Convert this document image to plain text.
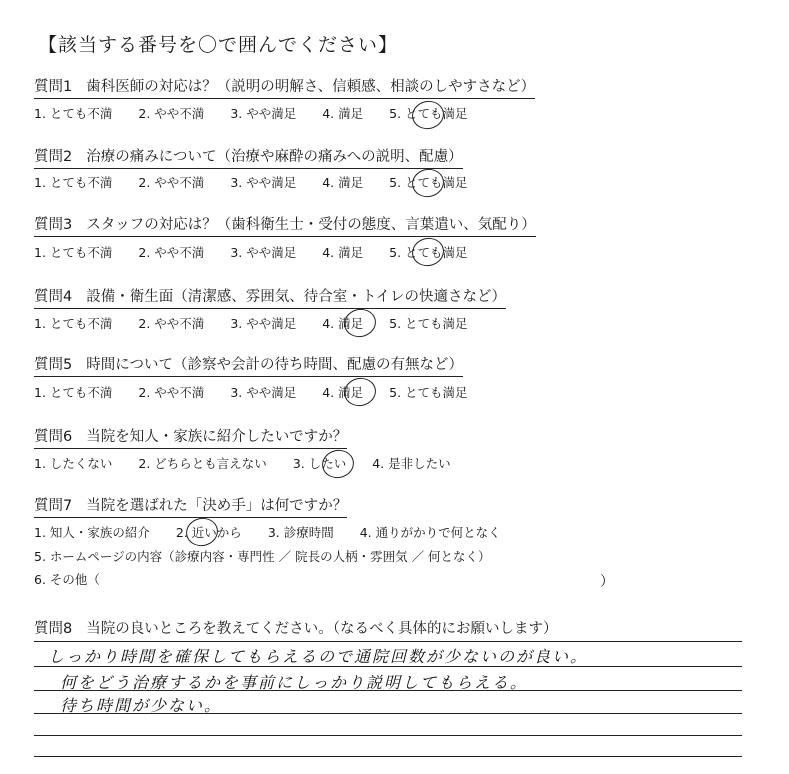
【該当する番号を〇で囲んでください】
質問1 歯科医師の対応は？（説明の明解さ、信頼感、相談のしやすさなど）
1. とても不満 2. やや不満 3. やや満足 4. 満足 5. とても満足
質問2 治療の痛みについて（治療や麻酔の痛みへの説明、配慮）
1. とても不満 2. やや不満 3. やや満足 4. 満足 5. とても満足
質問3 スタッフの対応は？（歯科衛生士・受付の態度、言葉遣い、気配り）
1. とても不満 2. やや不満 3. やや満足 4. 満足 5. とても満足
質問4 設備・衛生面（清潔感、雰囲気、待合室・トイレの快適さなど）
1. とても不満 2. やや不満 3. やや満足 4. 満足 5. とても満足
質問5 時間について（診察や会計の待ち時間、配慮の有無など）
1. とても不満 2. やや不満 3. やや満足 4. 満足 5. とても満足
質問6 当院を知人・家族に紹介したいですか？
1. したくない 2. どちらとも言えない 3. したい 4. 是非したい
質問7 当院を選ばれた「決め手」は何ですか？
1. 知人・家族の紹介 2. 近いから 3. 診療時間 4. 通りがかりで何となく
5. ホームページの内容（診療内容・専門性 ／ 院長の人柄・雰囲気 ／ 何となく）
6. その他（	）
質問8 当院の良いところを教えてください。（なるべく具体的にお願いします）
しっかり時間を確保してもらえるので通院回数が少ないのが良い。
何をどう治療するかを事前にしっかり説明してもらえる。
待ち時間が少ない。
